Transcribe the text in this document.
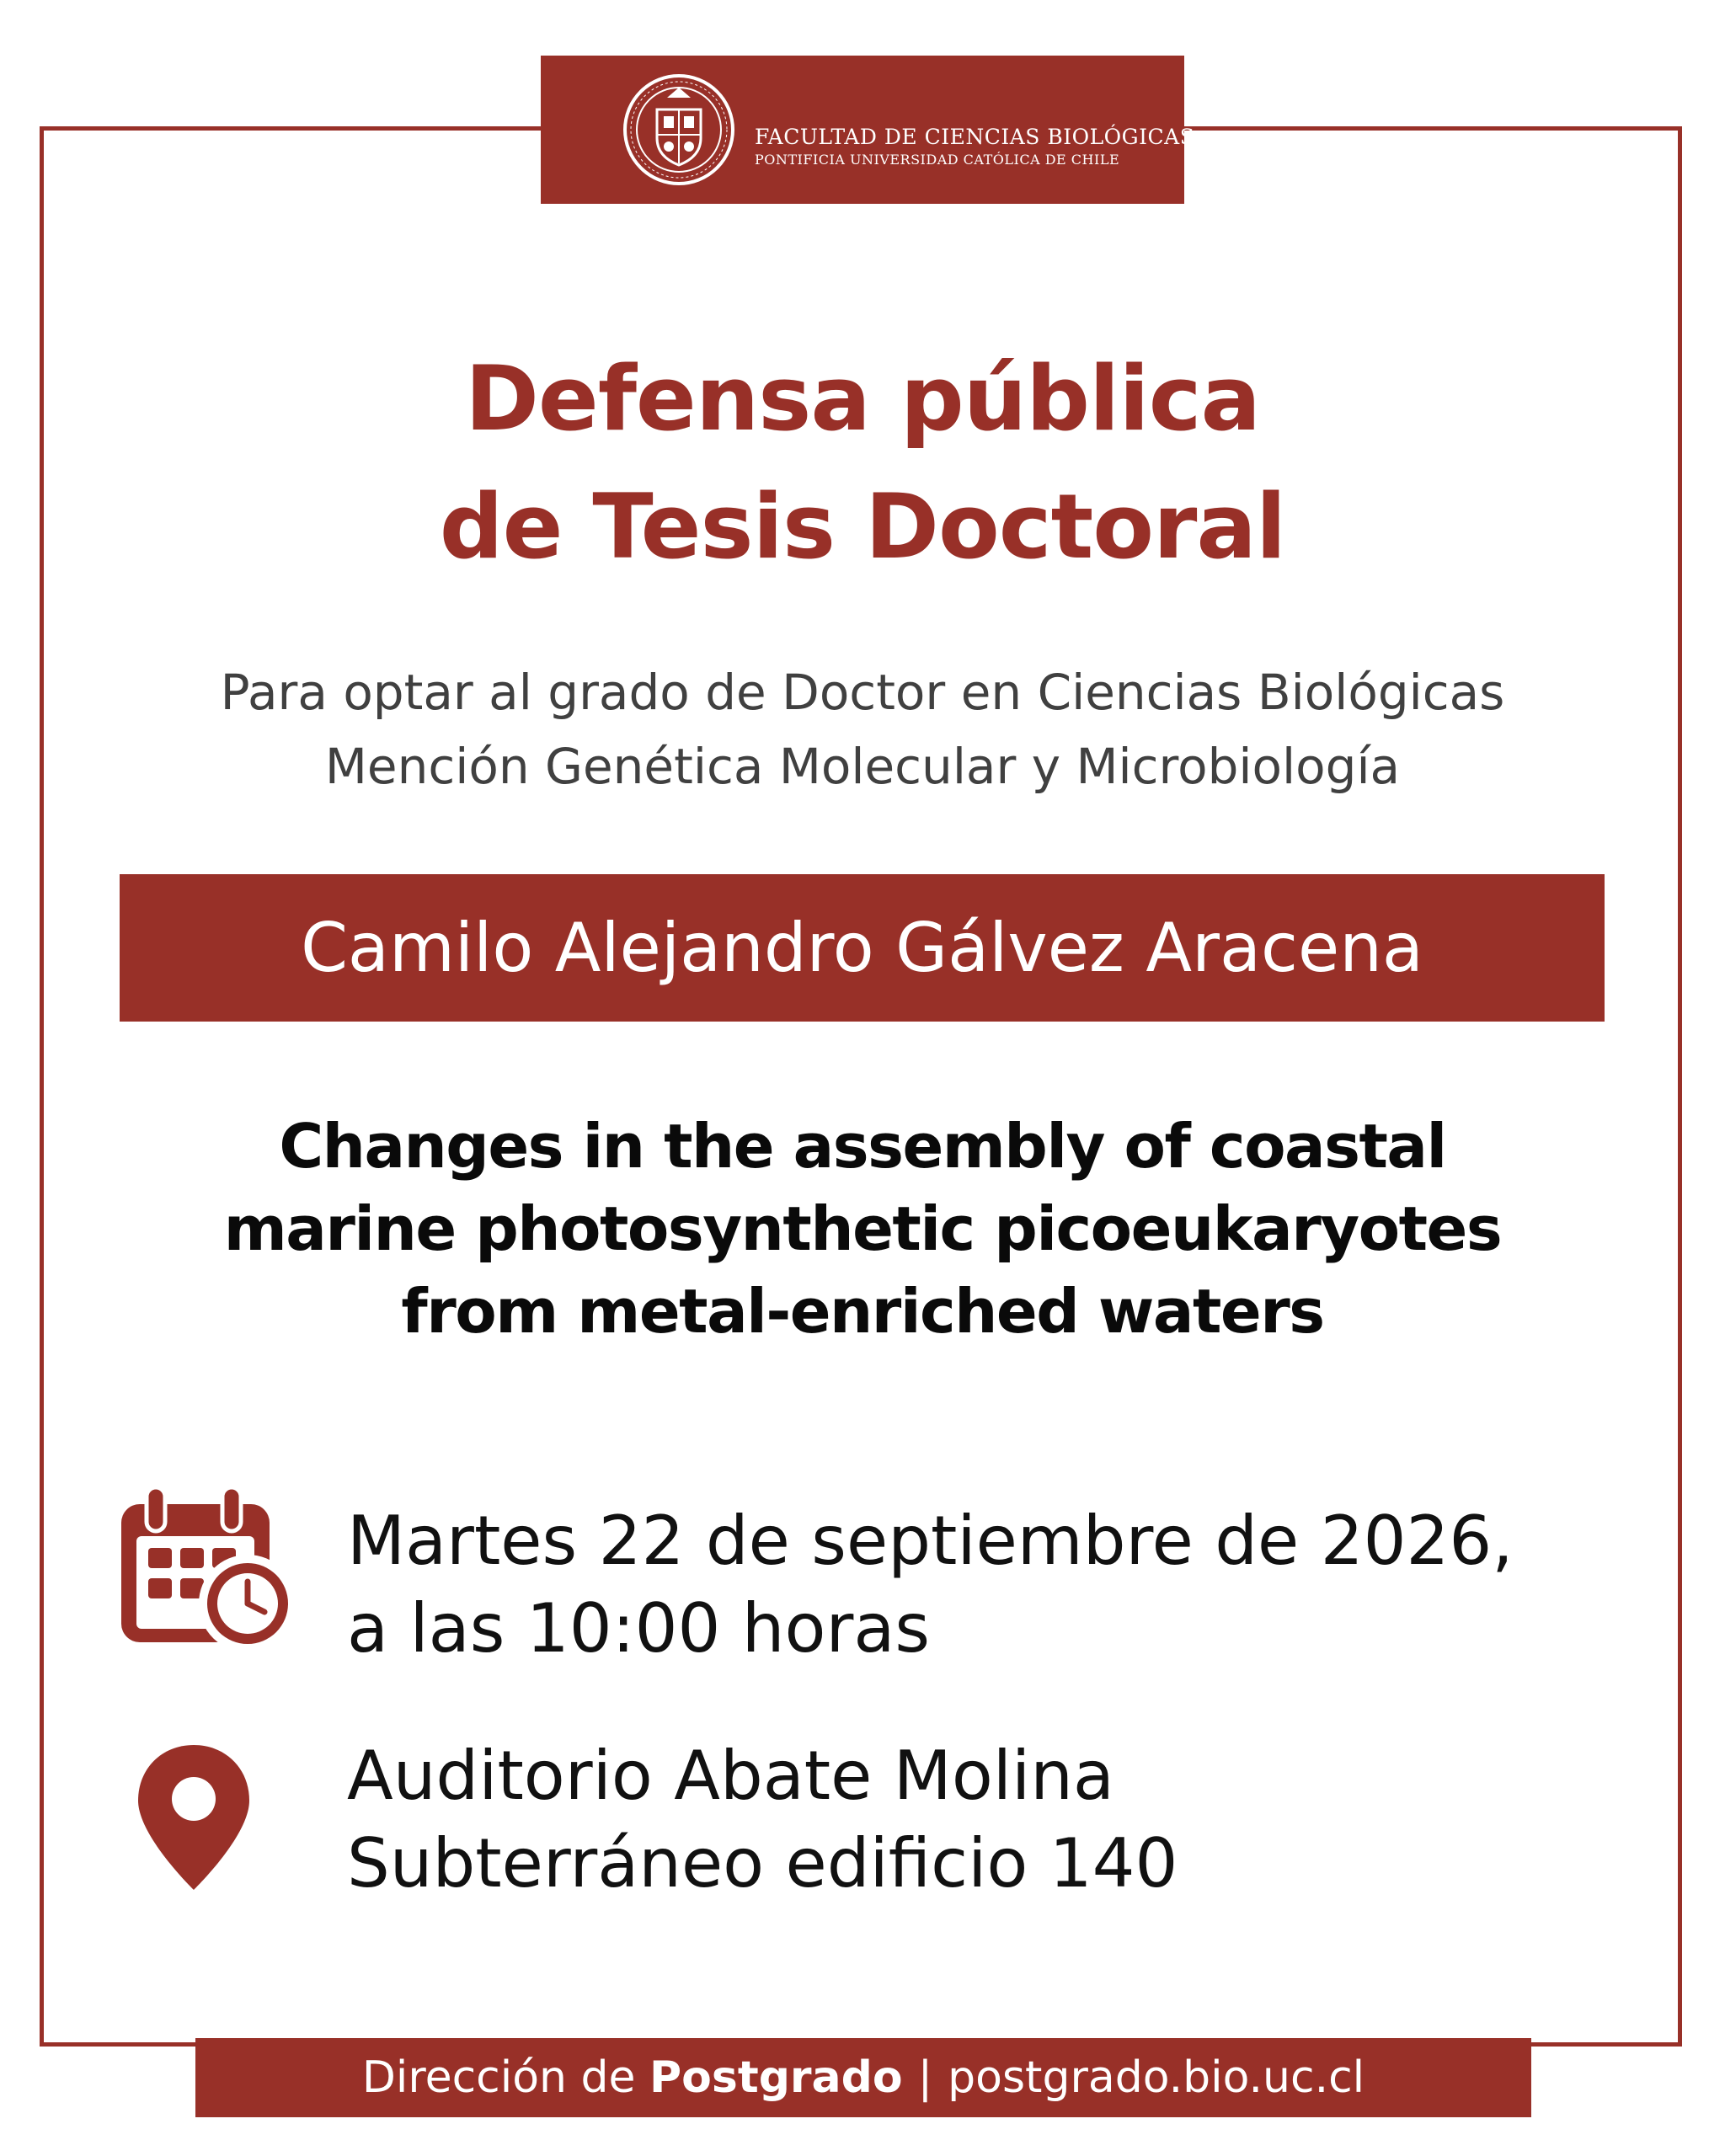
FACULTAD DE CIENCIAS BIOLÓGICAS
PONTIFICIA UNIVERSIDAD CATÓLICA DE CHILE
Defensa pública
de Tesis Doctoral
Para optar al grado de Doctor en Ciencias Biológicas
Mención Genética Molecular y Microbiología
Camilo Alejandro Gálvez Aracena
Changes in the assembly of coastal
marine photosynthetic picoeukaryotes
from metal-enriched waters
Martes 22 de septiembre de 2026,
a las 10:00 horas
Auditorio Abate Molina
Subterráneo edificio 140
Dirección de Postgrado | postgrado.bio.uc.cl
